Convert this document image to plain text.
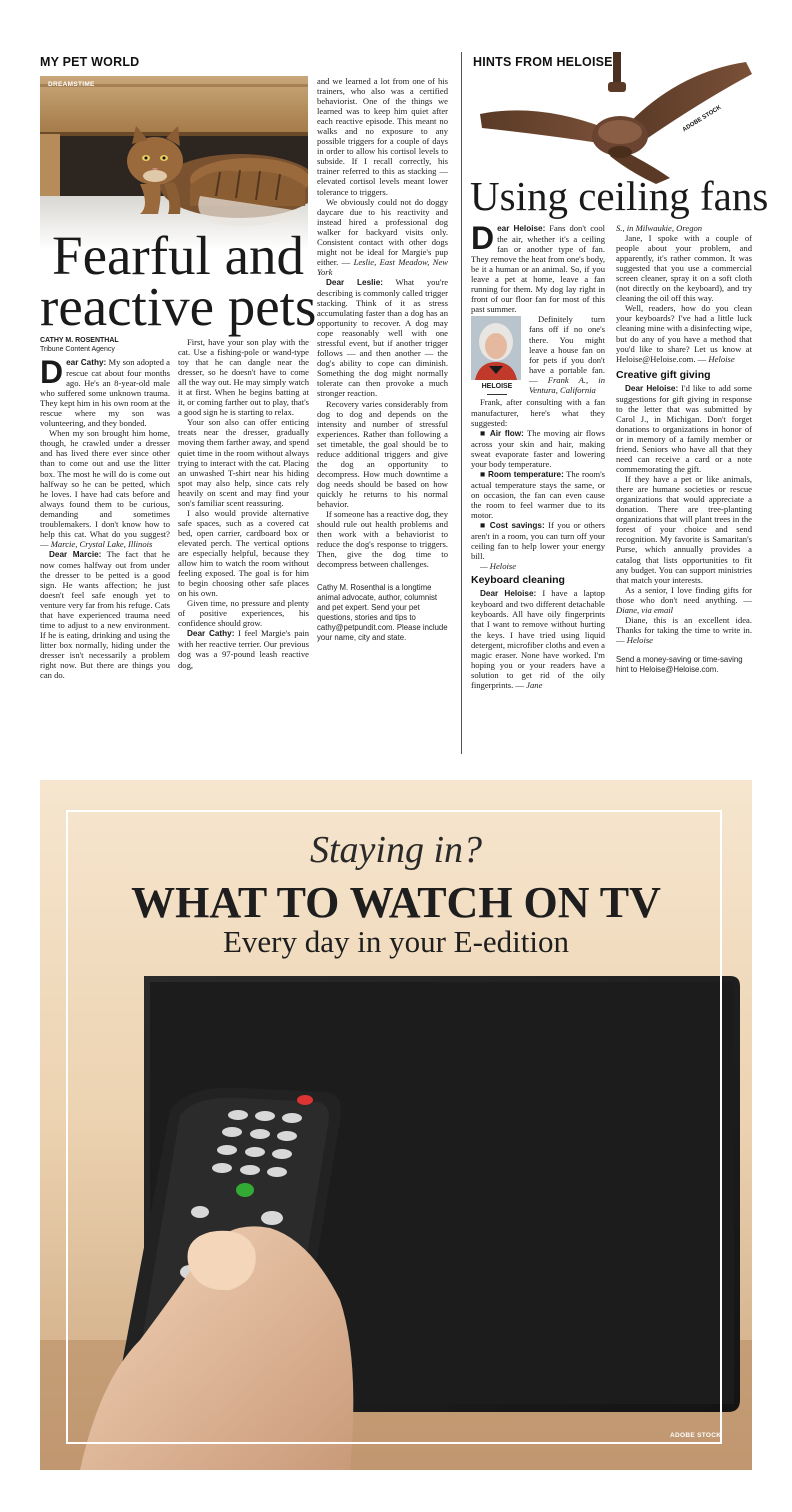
MY PET WORLD
DREAMSTIME
Fearful and
reactive pets
CATHY M. ROSENTHAL
Tribune Content Agency

Dear Cathy: My son adopted a rescue cat about four months ago. He's an 8-year-old male who suffered some unknown trauma. They kept him in his own room at the rescue where my son was volunteering, and they bonded.

When my son brought him home, though, he crawled under a dresser and has lived there ever since other than to come out and use the litter box. The most he will do is come out halfway so he can be petted, which he loves. I have had cats before and always found them to be curious, demanding and sometimes troublemakers. I don't know how to help this cat. What do you suggest? — Marcie, Crystal Lake, Illinois

Dear Marcie: The fact that he now comes halfway out from under the dresser to be petted is a good sign. He wants affection; he just doesn't feel safe enough yet to venture very far from his refuge. Cats that have experienced trauma need time to adjust to a new environment. If he is eating, drinking and using the litter box normally, hiding under the dresser isn't necessarily a problem right now. But there are things you can do.

First, have your son play with the cat. Use a fishing-pole or wand-type toy that he can dangle near the dresser, so he doesn't have to come all the way out. He may simply watch it at first. When he begins batting at it, or coming farther out to play, that's a good sign he is starting to relax.

Your son also can offer enticing treats near the dresser, gradually moving them farther away, and spend quiet time in the room without always trying to interact with the cat. Placing an unwashed T-shirt near his hiding spot may also help, since cats rely heavily on scent and may find your son's familiar scent reassuring.

I also would provide alternative safe spaces, such as a covered cat bed, open carrier, cardboard box or elevated perch. The vertical options are especially helpful, because they allow him to watch the room without feeling exposed. The goal is for him to begin choosing other safe places on his own.

Given time, no pressure and plenty of positive experiences, his confidence should grow.

Dear Cathy: I feel Margie's pain with her reactive terrier. Our previous dog was a 97-pound leash reactive dog,

and we learned a lot from one of his trainers, who also was a certified behaviorist. One of the things we learned was to keep him quiet after each reactive episode. This meant no walks and no exposure to any possible triggers for a couple of days in order to allow his cortisol levels to subside. If I recall correctly, his trainer referred to this as stacking — elevated cortisol levels meant lower tolerance to triggers.

We obviously could not do doggy daycare due to his reactivity and instead hired a professional dog walker for backyard visits only. Consistent contact with other dogs might not be ideal for Margie's pup either. — Leslie, East Meadow, New York

Dear Leslie: What you're describing is commonly called trigger stacking. Think of it as stress accumulating faster than a dog has an opportunity to recover. A dog may cope reasonably well with one stressful event, but if another trigger follows — and then another — the dog's ability to cope can diminish. Something the dog might normally tolerate can then provoke a much stronger reaction.

Recovery varies considerably from dog to dog and depends on the intensity and number of stressful experiences. Rather than following a set timetable, the goal should be to reduce additional triggers and give the dog an opportunity to decompress. How much downtime a dog needs should be based on how quickly he returns to his normal behavior.

If someone has a reactive dog, they should rule out health problems and then work with a behaviorist to reduce the dog's response to triggers. Then, give the dog time to decompress between challenges.

Cathy M. Rosenthal is a longtime animal advocate, author, columnist and pet expert. Send your pet questions, stories and tips to cathy@petpundit.com. Please include your name, city and state.
HINTS FROM HELOISE
ADOBE STOCK
Using ceiling fans

Dear Heloise: Fans don't cool the air, whether it's a ceiling fan or another type of fan. They remove the heat from one's body, be it a human or an animal. So, if you leave a pet at home, leave a fan running for them. My dog lay right in front of our floor fan for most of this past summer.

HELOISE

Definitely turn fans off if no one's there. You might leave a house fan on for pets if you don't have a portable fan. — Frank A., in Ventura, California

Frank, after consulting with a fan manufacturer, here's what they suggested:

■ Air flow: The moving air flows across your skin and hair, making sweat evaporate faster and lowering your body temperature.

■ Room temperature: The room's actual temperature stays the same, or on occasion, the fan can even cause the room to feel warmer due to its motor.

■ Cost savings: If you or others aren't in a room, you can turn off your ceiling fan to help lower your energy bill.

— Heloise

Keyboard cleaning

Dear Heloise: I have a laptop keyboard and two different detachable keyboards. All have oily fingerprints that I want to remove without hurting the keys. I have tried using liquid detergent, microfiber cloths and even a magic eraser. None have worked. I'm hoping you or your readers have a solution to get rid of the oily fingerprints. — Jane

S., in Milwaukie, Oregon

Jane, I spoke with a couple of people about your problem, and apparently, it's rather common. It was suggested that you use a commercial screen cleaner, spray it on a soft cloth (not directly on the keyboard), and try cleaning the oil off this way.

Well, readers, how do you clean your keyboards? I've had a little luck cleaning mine with a disinfecting wipe, but do any of you have a method that you'd like to share? Let us know at Heloise@Heloise.com. — Heloise

Creative gift giving

Dear Heloise: I'd like to add some suggestions for gift giving in response to the letter that was submitted by Carol J., in Michigan. Don't forget donations to organizations in honor of or in memory of a family member or friend. Seniors who have all that they need can receive a card or a note commemorating the gift.

If they have a pet or like animals, there are humane societies or rescue organizations that would appreciate a donation. There are tree-planting organizations that will plant trees in the forest of your choice and send recognition. My favorite is Samaritan's Purse, which annually provides a catalog that lists opportunities to fit any budget. You can support ministries that match your interests.

As a senior, I love finding gifts for those who don't need anything. — Diane, via email

Diane, this is an excellent idea. Thanks for taking the time to write in. — Heloise

Send a money-saving or time-saving hint to Heloise@Heloise.com.
Staying in?
WHAT TO WATCH ON TV
Every day in your E-edition
ADOBE STOCK
